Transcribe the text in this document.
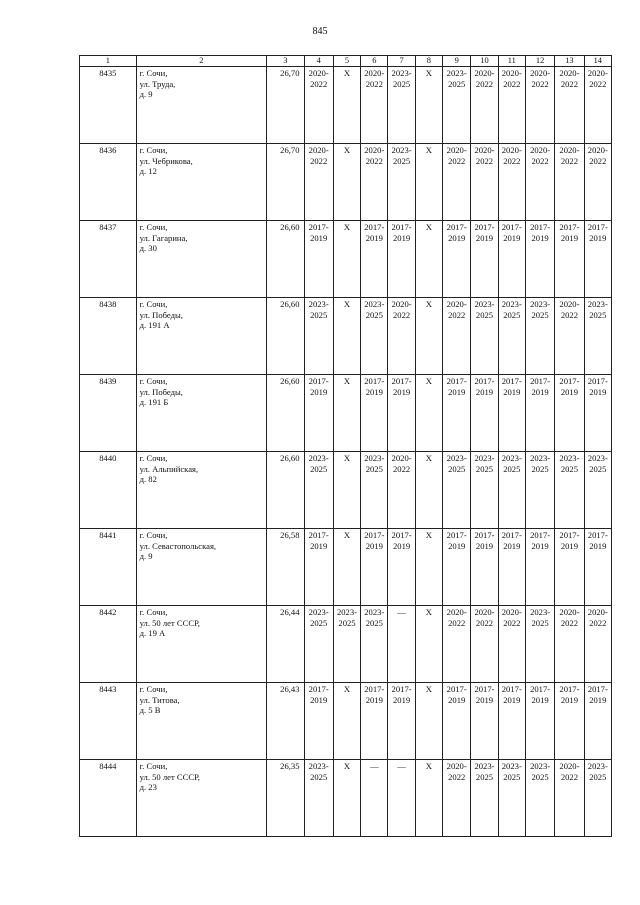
845
1	2	3	4	5	6	7	8	9	10	11	12	13	14
8435	г. Сочи,
ул. Труда,
д. 9	26,70	2020-
2022	X	2020-
2022	2023-
2025	X	2023-
2025	2020-
2022	2020-
2022	2020-
2022	2020-
2022	2020-
2022

8436	г. Сочи,
ул. Чебрикова,
д. 12	26,70	2020-
2022	X	2020-
2022	2023-
2025	X	2020-
2022	2020-
2022	2020-
2022	2020-
2022	2020-
2022	2020-
2022

8437	г. Сочи,
ул. Гагарина,
д. 30	26,60	2017-
2019	X	2017-
2019	2017-
2019	X	2017-
2019	2017-
2019	2017-
2019	2017-
2019	2017-
2019	2017-
2019

8438	г. Сочи,
ул. Победы,
д. 191 А	26,60	2023-
2025	X	2023-
2025	2020-
2022	X	2020-
2022	2023-
2025	2023-
2025	2023-
2025	2020-
2022	2023-
2025

8439	г. Сочи,
ул. Победы,
д. 191 Б	26,60	2017-
2019	X	2017-
2019	2017-
2019	X	2017-
2019	2017-
2019	2017-
2019	2017-
2019	2017-
2019	2017-
2019

8440	г. Сочи,
ул. Альпийская,
д. 82	26,60	2023-
2025	X	2023-
2025	2020-
2022	X	2023-
2025	2023-
2025	2023-
2025	2023-
2025	2023-
2025	2023-
2025

8441	г. Сочи,
ул. Севастопольская,
д. 9	26,58	2017-
2019	X	2017-
2019	2017-
2019	X	2017-
2019	2017-
2019	2017-
2019	2017-
2019	2017-
2019	2017-
2019

8442	г. Сочи,
ул. 50 лет СССР,
д. 19 А	26,44	2023-
2025	2023-
2025	2023-
2025	—	X	2020-
2022	2020-
2022	2020-
2022	2023-
2025	2020-
2022	2020-
2022

8443	г. Сочи,
ул. Титова,
д. 5 В	26,43	2017-
2019	X	2017-
2019	2017-
2019	X	2017-
2019	2017-
2019	2017-
2019	2017-
2019	2017-
2019	2017-
2019

8444	г. Сочи,
ул. 50 лет СССР,
д. 23	26,35	2023-
2025	X	—	—	X	2020-
2022	2023-
2025	2023-
2025	2023-
2025	2020-
2022	2023-
2025
